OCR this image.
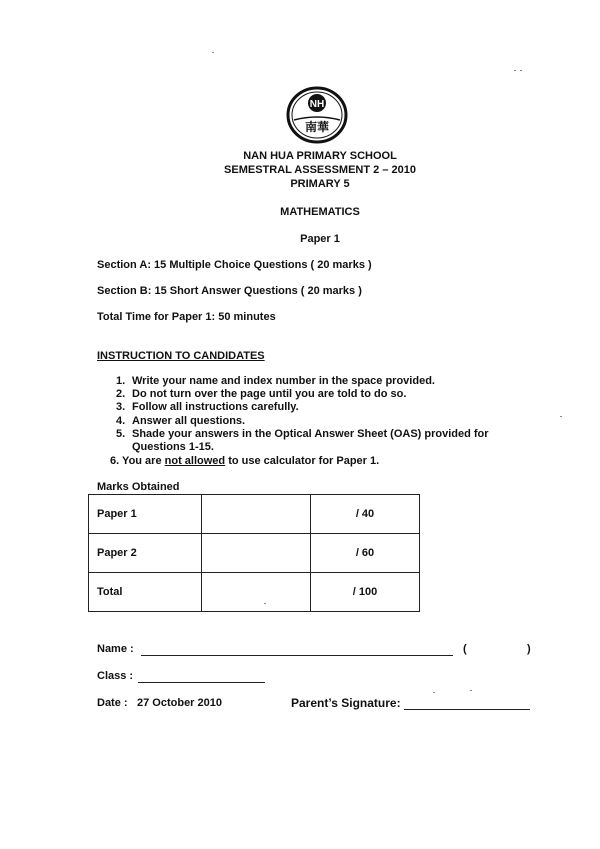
NH
南華
NAN HUA PRIMARY SCHOOL
SEMESTRAL ASSESSMENT 2 – 2010
PRIMARY 5
MATHEMATICS
Paper 1
Section A: 15 Multiple Choice Questions ( 20 marks )
Section B: 15 Short Answer Questions ( 20 marks )
Total Time for Paper 1: 50 minutes
INSTRUCTION TO CANDIDATES
1. Write your name and index number in the space provided.
2. Do not turn over the page until you are told to do so.
3. Follow all instructions carefully.
4. Answer all questions.
5. Shade your answers in the Optical Answer Sheet (OAS) provided for Questions 1-15.
6. You are not allowed to use calculator for Paper 1.
Marks Obtained
Paper 1		/ 40
Paper 2		/ 60
Total		/ 100
Name :	(	)
Class :
Date : 27 October 2010	Parent’s Signature:
